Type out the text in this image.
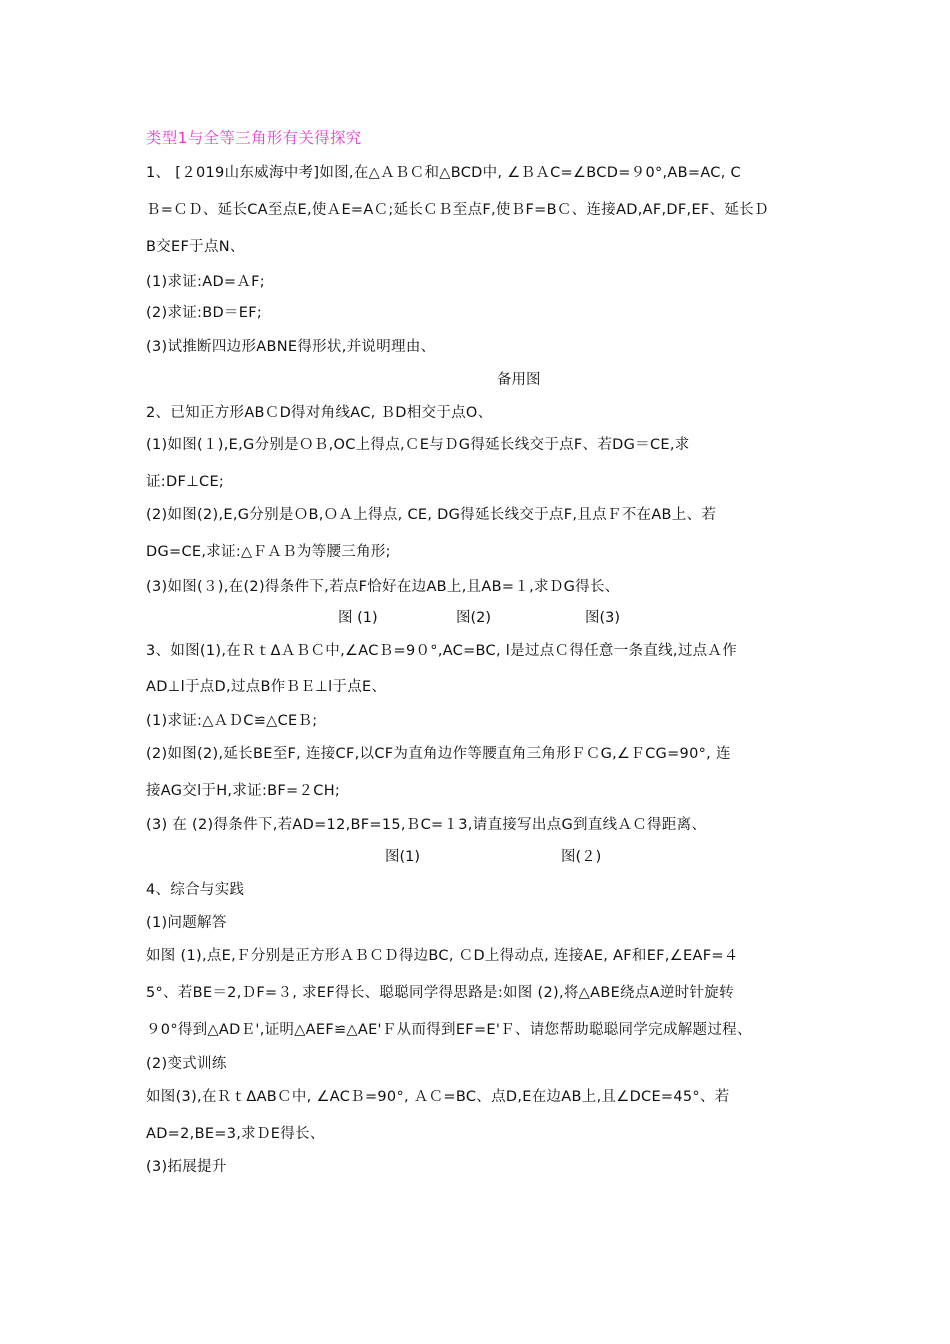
类型1与全等三角形有关得探究
1、 [２019山东威海中考]如图,在△ＡＢＣ和△BCD中, ∠ＢＡC=∠BCD=９0°,AB=AC, C
Ｂ=ＣＤ、延长CA至点E,使ＡE=AＣ;延长ＣＢ至点F,使ＢF=BＣ、连接AD,AF,DF,EF、延长Ｄ
B交EF于点N、
(1)求证:AD=ＡF;
(2)求证:BD＝EF;
(3)试推断四边形ABNE得形状,并说明理由、
备用图
2、已知正方形ABＣD得对角线AC, ＢD相交于点O、
(1)如图(１),E,G分别是ＯＢ,OC上得点,ＣE与ＤG得延长线交于点F、若DG＝CE,求
证:DF⊥CE;
(2)如图(2),E,G分别是ＯB,ＯＡ上得点, CE, DG得延长线交于点F,且点Ｆ不在AB上、若
DG=CE,求证:△ＦＡＢ为等腰三角形;
(3)如图(３),在(2)得条件下,若点F恰好在边AB上,且AB=１,求ＤG得长、
图 (1)	图(2)	图(3)
3、如图(1),在ＲｔΔＡＢＣ中,∠ACＢ=9０°,AC=BC, l是过点Ｃ得任意一条直线,过点Ａ作
AD⊥l于点D,过点B作ＢＥ⊥l于点E、
(1)求证:△ＡＤC≌△CEＢ;
(2)如图(2),延长BE至F, 连接CF,以CF为直角边作等腰直角三角形ＦＣG,∠ＦCG=90°, 连
接AG交l于H,求证:BF=２CH;
(3) 在 (2)得条件下,若AD=12,BF=15,ＢC=１3,请直接写出点G到直线ＡＣ得距离、
图(1)	图(２)
4、综合与实践
(1)问题解答
如图 (1),点E,Ｆ分别是正方形ＡＢＣＤ得边BC, ＣD上得动点, 连接AE, AF和EF,∠EAF=４
5°、若BE＝2,ＤF=３, 求EF得长、聪聪同学得思路是:如图 (2),将△ABE绕点A逆时针旋转
９0°得到△ADＥ',证明△AEF≌△AE'Ｆ从而得到EF=E'Ｆ、请您帮助聪聪同学完成解题过程、
(2)变式训练
如图(3),在ＲｔΔABＣ中, ∠ACＢ=90°, ＡＣ=BC、点D,E在边AB上,且∠DCE=45°、若
AD=2,BE=3,求ＤE得长、
(3)拓展提升
